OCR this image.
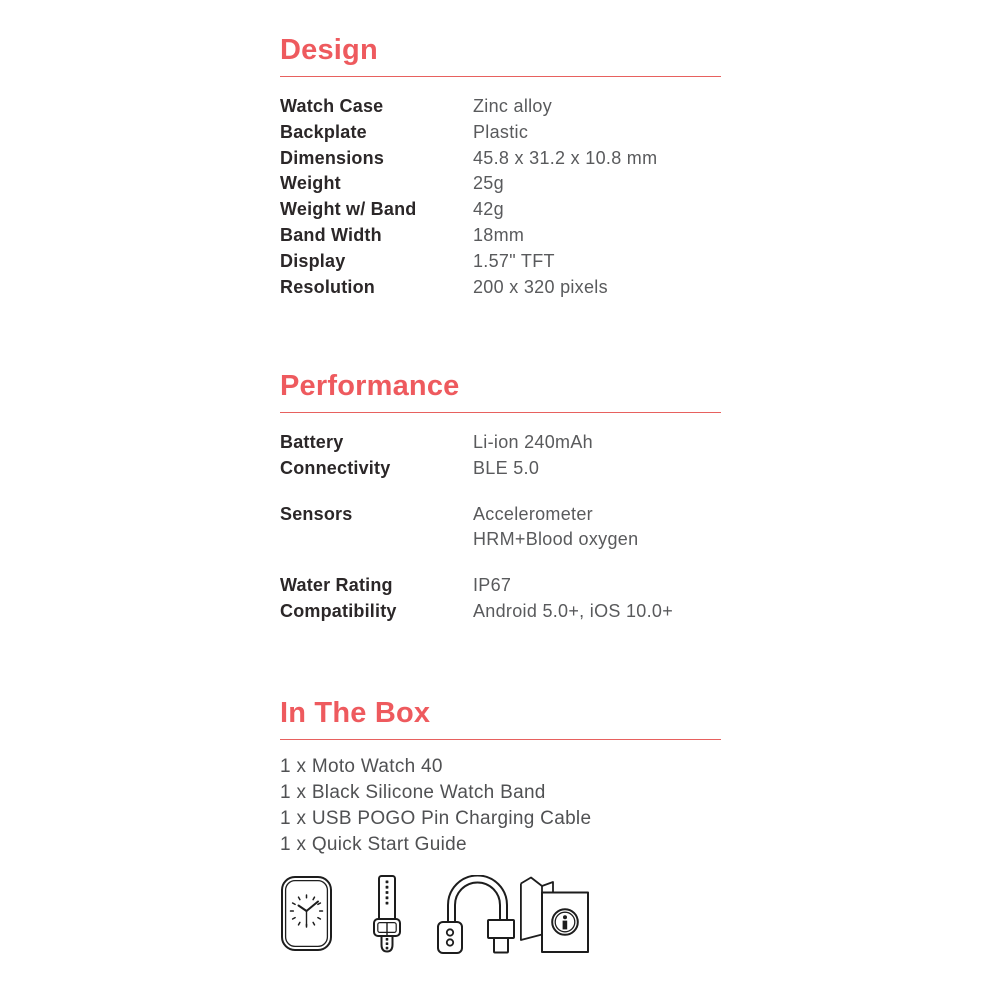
Design
Watch Case	Zinc alloy
Backplate	Plastic
Dimensions	45.8 x 31.2 x 10.8 mm
Weight	25g
Weight w/ Band	42g
Band Width	18mm
Display	1.57" TFT
Resolution	200 x 320 pixels
Performance
Battery	Li-ion 240mAh
Connectivity	BLE 5.0
Sensors	Accelerometer
HRM+Blood oxygen
Water Rating	IP67
Compatibility	Android 5.0+, iOS 10.0+
In The Box
1 x Moto Watch 40
1 x Black Silicone Watch Band
1 x USB POGO Pin Charging Cable
1 x Quick Start Guide
